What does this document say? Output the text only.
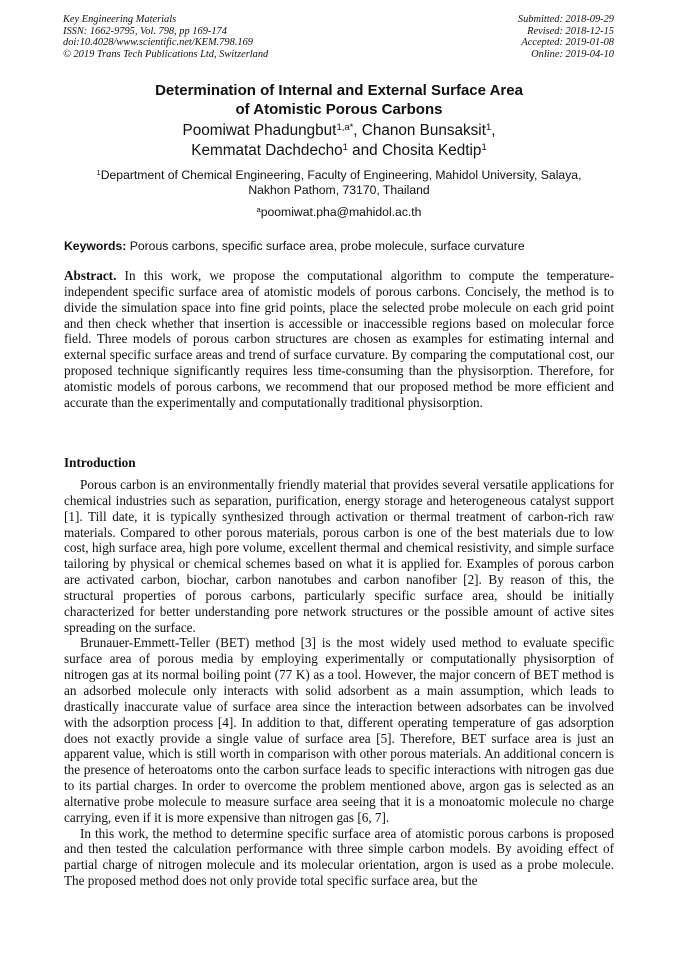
Key Engineering Materials
ISSN: 1662-9795, Vol. 798, pp 169-174
doi:10.4028/www.scientific.net/KEM.798.169
© 2019 Trans Tech Publications Ltd, Switzerland
Submitted: 2018-09-29
Revised: 2018-12-15
Accepted: 2019-01-08
Online: 2019-04-10
Determination of Internal and External Surface Area
of Atomistic Porous Carbons
Poomiwat Phadungbut$^{1,a*}$, Chanon Bunsaksit$^1$,
Kemmatat Dachdecho$^1$ and Chosita Kedtip$^1$
$^1$Department of Chemical Engineering, Faculty of Engineering, Mahidol University, Salaya,
Nakhon Pathom, 73170, Thailand
$^a$poomiwat.pha@mahidol.ac.th
Keywords: Porous carbons, specific surface area, probe molecule, surface curvature
Abstract. In this work, we propose the computational algorithm to compute the temperature-independent specific surface area of atomistic models of porous carbons. Concisely, the method is to divide the simulation space into fine grid points, place the selected probe molecule on each grid point and then check whether that insertion is accessible or inaccessible regions based on molecular force field. Three models of porous carbon structures are chosen as examples for estimating internal and external specific surface areas and trend of surface curvature. By comparing the computational cost, our proposed technique significantly requires less time-consuming than the physisorption. Therefore, for atomistic models of porous carbons, we recommend that our proposed method be more efficient and accurate than the experimentally and computationally traditional physisorption.
Introduction

Porous carbon is an environmentally friendly material that provides several versatile applications for chemical industries such as separation, purification, energy storage and heterogeneous catalyst support [1]. Till date, it is typically synthesized through activation or thermal treatment of carbon-rich raw materials. Compared to other porous materials, porous carbon is one of the best materials due to low cost, high surface area, high pore volume, excellent thermal and chemical resistivity, and simple surface tailoring by physical or chemical schemes based on what it is applied for. Examples of porous carbon are activated carbon, biochar, carbon nanotubes and carbon nanofiber [2]. By reason of this, the structural properties of porous carbons, particularly specific surface area, should be initially characterized for better understanding pore network structures or the possible amount of active sites spreading on the surface.

Brunauer-Emmett-Teller (BET) method [3] is the most widely used method to evaluate specific surface area of porous media by employing experimentally or computationally physisorption of nitrogen gas at its normal boiling point (77 K) as a tool. However, the major concern of BET method is an adsorbed molecule only interacts with solid adsorbent as a main assumption, which leads to drastically inaccurate value of surface area since the interaction between adsorbates can be involved with the adsorption process [4]. In addition to that, different operating temperature of gas adsorption does not exactly provide a single value of surface area [5]. Therefore, BET surface area is just an apparent value, which is still worth in comparison with other porous materials. An additional concern is the presence of heteroatoms onto the carbon surface leads to specific interactions with nitrogen gas due to its partial charges. In order to overcome the problem mentioned above, argon gas is selected as an alternative probe molecule to measure surface area seeing that it is a monoatomic molecule no charge carrying, even if it is more expensive than nitrogen gas [6, 7].

In this work, the method to determine specific surface area of atomistic porous carbons is proposed and then tested the calculation performance with three simple carbon models. By avoiding effect of partial charge of nitrogen molecule and its molecular orientation, argon is used as a probe molecule. The proposed method does not only provide total specific surface area, but the
